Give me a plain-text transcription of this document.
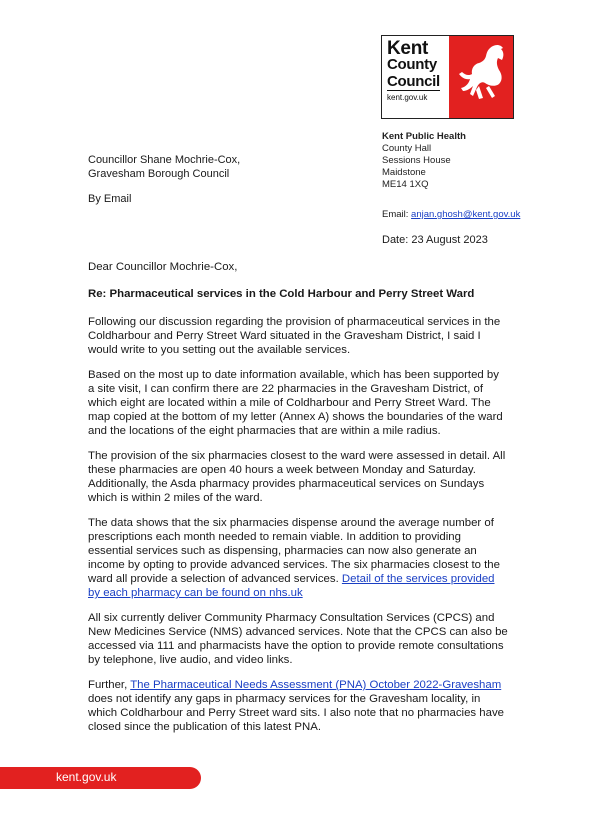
Kent
County
Council
kent.gov.uk
Kent Public Health
County Hall
Sessions House
Maidstone
ME14 1XQ
Councillor Shane Mochrie-Cox,
Gravesham Borough Council
By Email
Email: anjan.ghosh@kent.gov.uk
Date: 23 August 2023

Dear Councillor Mochrie-Cox,

Re: Pharmaceutical services in the Cold Harbour and Perry Street Ward

Following our discussion regarding the provision of pharmaceutical services in the Coldharbour and Perry Street Ward situated in the Gravesham District, I said I would write to you setting out the available services.

Based on the most up to date information available, which has been supported by a site visit, I can confirm there are 22 pharmacies in the Gravesham District, of which eight are located within a mile of Coldharbour and Perry Street Ward. The map copied at the bottom of my letter (Annex A) shows the boundaries of the ward and the locations of the eight pharmacies that are within a mile radius.

The provision of the six pharmacies closest to the ward were assessed in detail. All these pharmacies are open 40 hours a week between Monday and Saturday. Additionally, the Asda pharmacy provides pharmaceutical services on Sundays which is within 2 miles of the ward.

The data shows that the six pharmacies dispense around the average number of prescriptions each month needed to remain viable. In addition to providing essential services such as dispensing, pharmacies can now also generate an income by opting to provide advanced services. The six pharmacies closest to the ward all provide a selection of advanced services. Detail of the services provided by each pharmacy can be found on nhs.uk

All six currently deliver Community Pharmacy Consultation Services (CPCS) and New Medicines Service (NMS) advanced services. Note that the CPCS can also be accessed via 111 and pharmacists have the option to provide remote consultations by telephone, live audio, and video links.

Further, The Pharmaceutical Needs Assessment (PNA) October 2022-Gravesham does not identify any gaps in pharmacy services for the Gravesham locality, in which Coldharbour and Perry Street ward sits. I also note that no pharmacies have closed since the publication of this latest PNA.

kent.gov.uk
